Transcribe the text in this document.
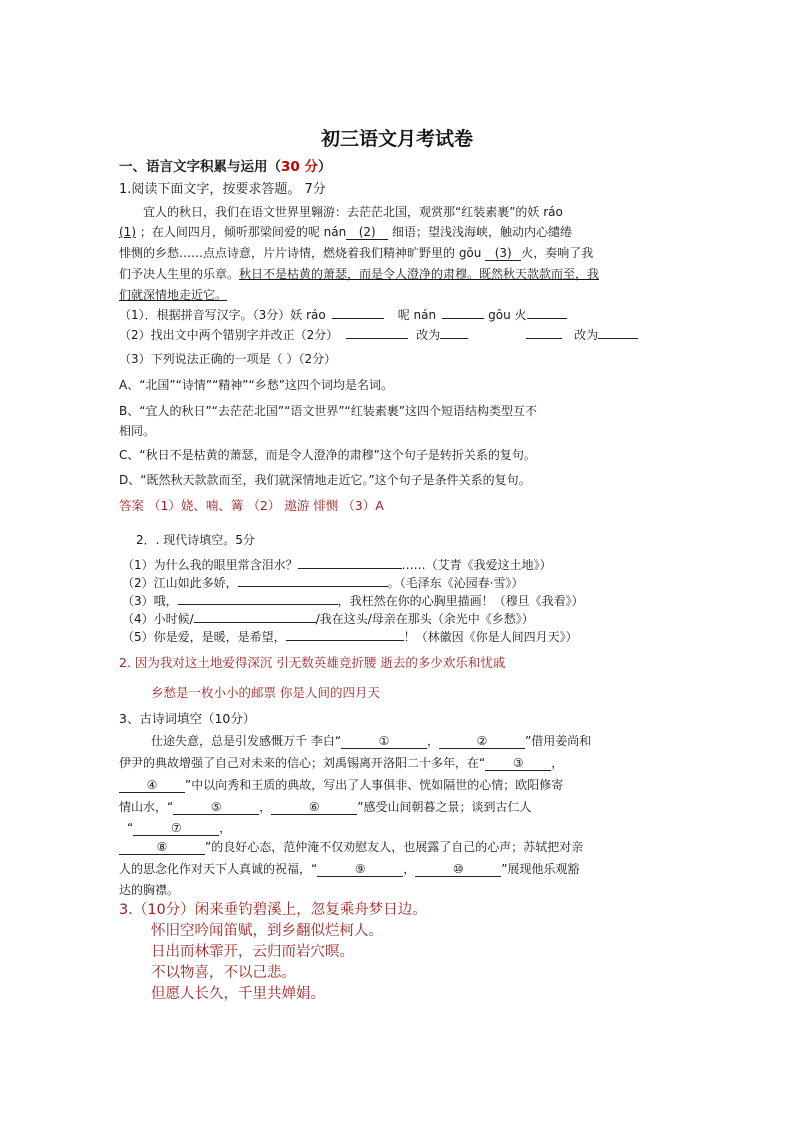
初三语文月考试卷
一、语言文字积累与运用（30 分）
1.阅读下面文字，按要求答题。 7分
宜人的秋日，我们在语文世界里翱游：去茫茫北国，观赏那“红装素裹”的妖 ráo
(1) ；在人间四月，倾听那梁间爱的呢 nán (2) 细语；望浅浅海峡，触动内心缱绻
悱恻的乡愁……点点诗意，片片诗情，燃烧着我们精神旷野里的 gōu (3) 火，奏响了我
们予决人生里的乐章。秋日不是枯黄的萧瑟，而是令人澄净的肃穆。既然秋天款款而至，我
们就深情地走近它。
（1）．根据拼音写汉字。（3分）妖 ráo	呢 nán	gōu 火
（2）找出文中两个错别字并改正（2分）	改为	改为
（3）下列说法正确的一项是（ ）（2分）
A、“北国”“诗情”“精神”“乡愁”这四个词均是名词。
B、“宜人的秋日”“去茫茫北国”“语文世界”“红装素裹”这四个短语结构类型互不
相同。
C、“秋日不是枯黄的萧瑟，而是令人澄净的肃穆”这个句子是转折关系的复句。
D、“既然秋天款款而至，我们就深情地走近它。”这个句子是条件关系的复句。
答案 （1）娆、喃、篝 （2） 遨游 悱恻 （3）A
2．. 现代诗填空。5分
（1）为什么我的眼里常含泪水？	……（艾青《我爱这土地》）
（2）江山如此多娇，	。（毛泽东《沁园春·雪》）
（3）哦，	，我枉然在你的心胸里描画！（穆旦《我看》）
（4）小时候/	/我在这头/母亲在那头（余光中《乡愁》）
（5）你是爱，是暖，是希望，	！（林徽因《你是人间四月天》）
2. 因为我对这土地爱得深沉 引无数英雄竞折腰 逝去的多少欢乐和忧戚
乡愁是一枚小小的邮票 你是人间的四月天
3、古诗词填空（10分）
仕途失意，总是引发感慨万千 李白“	①	，	②	”借用姜尚和
伊尹的典故增强了自己对未来的信心；刘禹锡离开洛阳二十多年，在“ ③ ，
④ ”中以向秀和王质的典故，写出了人事俱非、恍如隔世的心情；欧阳修寄
情山水，“	⑤	，	⑥	”感受山间朝暮之景；谈到古仁人
“	⑦	，
⑧	”的良好心态，范仲淹不仅劝慰友人，也展露了自己的心声；苏轼把对亲
人的思念化作对天下人真诚的祝福，“	⑨	，	⑩	”展现他乐观豁
达的胸襟。
3.（10分）闲来垂钓碧溪上，忽复乘舟梦日边。
怀旧空吟闻笛赋，到乡翻似烂柯人。
日出而林霏开，云归而岩穴暝。
不以物喜，不以己悲。
但愿人长久，千里共婵娟。
